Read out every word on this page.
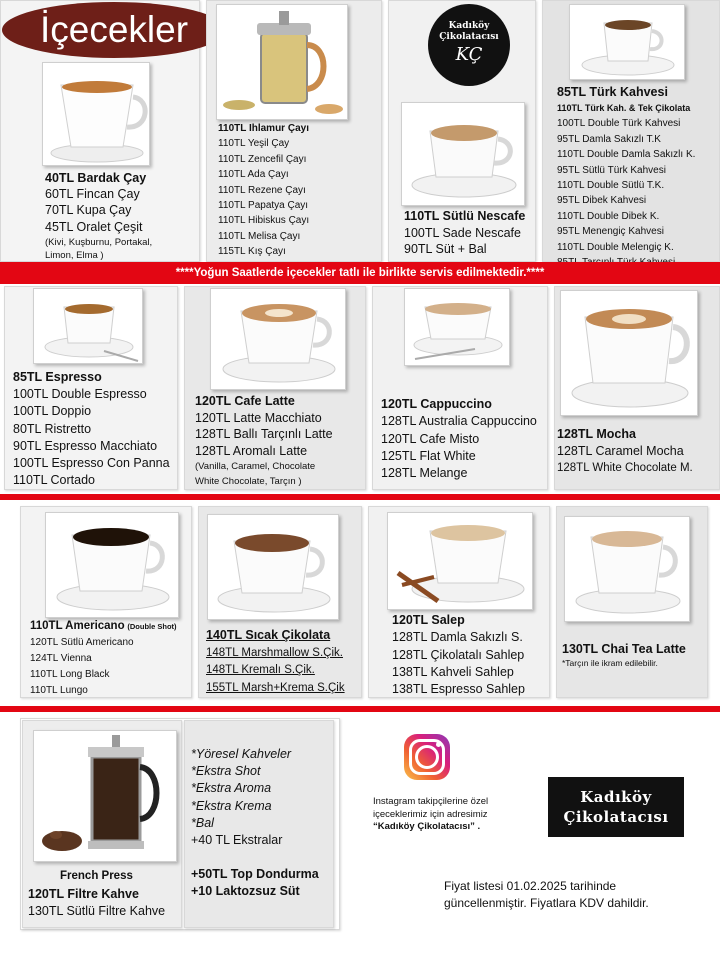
İçecekler
40TL Bardak Çay
60TL Fincan Çay
70TL Kupa Çay
45TL Oralet Çeşit
(Kivi, Kuşburnu, Portakal,
Limon, Elma )
110TL Ihlamur Çayı
110TL Yeşil Çay
110TL Zencefil Çayı
110TL Ada Çayı
110TL Rezene Çayı
110TL Papatya Çayı
110TL Hibiskus Çayı
110TL Melisa Çayı
115TL Kış Çayı
Kadıköy Çikolatacısı
KÇ
110TL Sütlü Nescafe
100TL Sade Nescafe
90TL Süt + Bal
85TL Türk Kahvesi
110TL Türk Kah. & Tek Çikolata
100TL Double Türk Kahvesi
95TL Damla Sakızlı T.K
110TL Double Damla Sakızlı K.
95TL Sütlü Türk Kahvesi
110TL Double Sütlü T.K.
95TL Dibek Kahvesi
110TL Double Dibek K.
95TL Menengiç Kahvesi
110TL Double Melengiç K.
****Yoğun Saatlerde içecekler tatlı ile birlikte servis edilmektedir.****
85TL Espresso
100TL Double Espresso
100TL Doppio
80TL Ristretto
90TL Espresso Macchiato
100TL Espresso Con Panna
110TL Cortado
120TL Cafe Latte
120TL Latte Macchiato
128TL Ballı Tarçınlı Latte
128TL Aromalı Latte
(Vanilla, Caramel, Chocolate
White Chocolate, Tarçın )
120TL Cappuccino
128TL Australia Cappuccino
120TL Cafe Misto
125TL Flat White
128TL Melange
128TL Mocha
128TL Caramel Mocha
128TL White Chocolate M.
110TL Americano (Double Shot)
120TL Sütlü Americano
124TL Vienna
110TL Long Black
110TL Lungo
140TL Sıcak Çikolata
148TL Marshmallow S.Çik.
148TL Kremalı S.Çik.
155TL Marsh+Krema S.Çik
120TL Salep
128TL Damla Sakızlı S.
128TL Çikolatalı Sahlep
138TL Kahveli Sahlep
138TL Espresso Sahlep
130TL Chai Tea Latte
*Tarçın ile ikram edilebilir.
French Press
120TL Filtre Kahve
130TL Sütlü Filtre Kahve
*Yöresel Kahveler
*Ekstra Shot
*Ekstra Aroma
*Ekstra Krema
*Bal
+40 TL Ekstralar
+50TL Top Dondurma
+10 Laktozsuz Süt
Instagram takipçilerine özel
içeceklerimiz için adresimiz
“Kadıköy Çikolatacısı” .
Kadıköy
Çikolatacısı
Fiyat listesi 01.02.2025 tarihinde
güncellenmiştir. Fiyatlara KDV dahildir.
